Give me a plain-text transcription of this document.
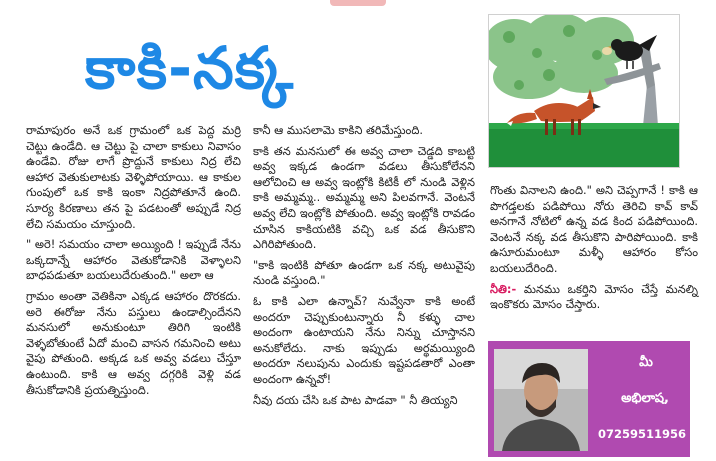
కాకి-నక్క

రామాపురం అనే ఒక గ్రామంలో ఒక పెద్ద మర్రి చెట్టు ఉండేది. ఆ చెట్టు పై చాలా కాకులు నివాసం ఉండేవి. రోజు లాగే ప్రొద్దునే కాకులు నిద్ర లేచి ఆహార వెతుకులాటకు వెళ్ళిపోయాయి. ఆ కాకుల గుంపులో ఒక కాకి ఇంకా నిద్రపోతూనే ఉంది. సూర్య కిరణాలు తన పై పడటంతో అప్పుడే నిద్ర లేచి సమయం చూస్తుంది.

" అరె! సమయం చాలా అయ్యింది ! ఇప్పుడే నేను ఒక్కదాన్నే ఆహారం వెతుకోడానికి వెళ్ళాలని బాధపడుతూ బయలుదేరుతుంది." అలా ఆ

గ్రామం అంతా వెతికినా ఎక్కడ ఆహారం దొరకదు. అరె ఈరోజు నేను పస్తులు ఉండాల్సిందేనని మనసులో అనుకుంటూ తిరిగి ఇంటికి వెళ్ళబోతుంటే ఏదో మంచి వాసన గమనించి అటు వైపు పోతుంది. అక్కడ ఒక అవ్వ వడలు చేస్తూ ఉంటుంది. కాకి ఆ అవ్వ దగ్గరికి వెళ్లి వడ తీసుకోడానికి ప్రయత్నిస్తుంది.

కానీ ఆ ముసలామె కాకిని తరిమేస్తుంది.

కాకి తన మనసులో ఈ అవ్వ చాలా చెడ్డది కాబట్టి అవ్వ ఇక్కడ ఉండగా వడలు తీసుకోలేనని ఆలోచించి ఆ అవ్వ ఇంట్లోకి కిటికీ లో నుండి వెళ్లిన కాకి అమ్మమ్మ.. అమ్మమ్మ అని పిలవగానే. వెంటనే అవ్వ లేచి ఇంట్లోకి పోతుంది. అవ్వ ఇంట్లోకి రావడం చూసిన కాకియటికి వచ్చి ఒక వడ తీసుకొని ఎగిరిపోతుంది.

"కాకి ఇంటికి పోతూ ఉండగా ఒక నక్క అటువైపు నుండి వస్తుంది."

ఓ కాకి ఎలా ఉన్నావ్? నువ్వేనా కాకి అంటే అందరూ చెప్పుకుంటున్నారు నీ కళ్ళు చాల అందంగా ఉంటాయని నేను నిన్ను చూస్తానని అనుకోలేదు. నాకు ఇప్పుడు అర్థమయ్యింది అందరూ నలుపును ఎందుకు ఇష్టపడతారో ఎంతా అందంగా ఉన్నవో!

నీవు దయ చేసి ఒక పాట పాడవా " నీ తియ్యని

గొంతు వినాలని ఉంది." అని చెప్పగానే ! కాకి ఆ పొగడ్తలకు పడిపోయి నోరు తెరిచి కావ్ కావ్ అనగానే నోటిలో ఉన్న వడ కింద పడిపోయింది. వెంటనే నక్క వడ తీసుకొని పారిపోయింది. కాకి ఉసూరుమంటూ మళ్ళీ ఆహారం కోసం బయలుదేరింది.

నీతి:- మనము ఒకర్తిని మోసం చేస్తే మనల్ని ఇంకొకరు మోసం చేస్తారు.

మీ
అభిలాష,
07259511956
